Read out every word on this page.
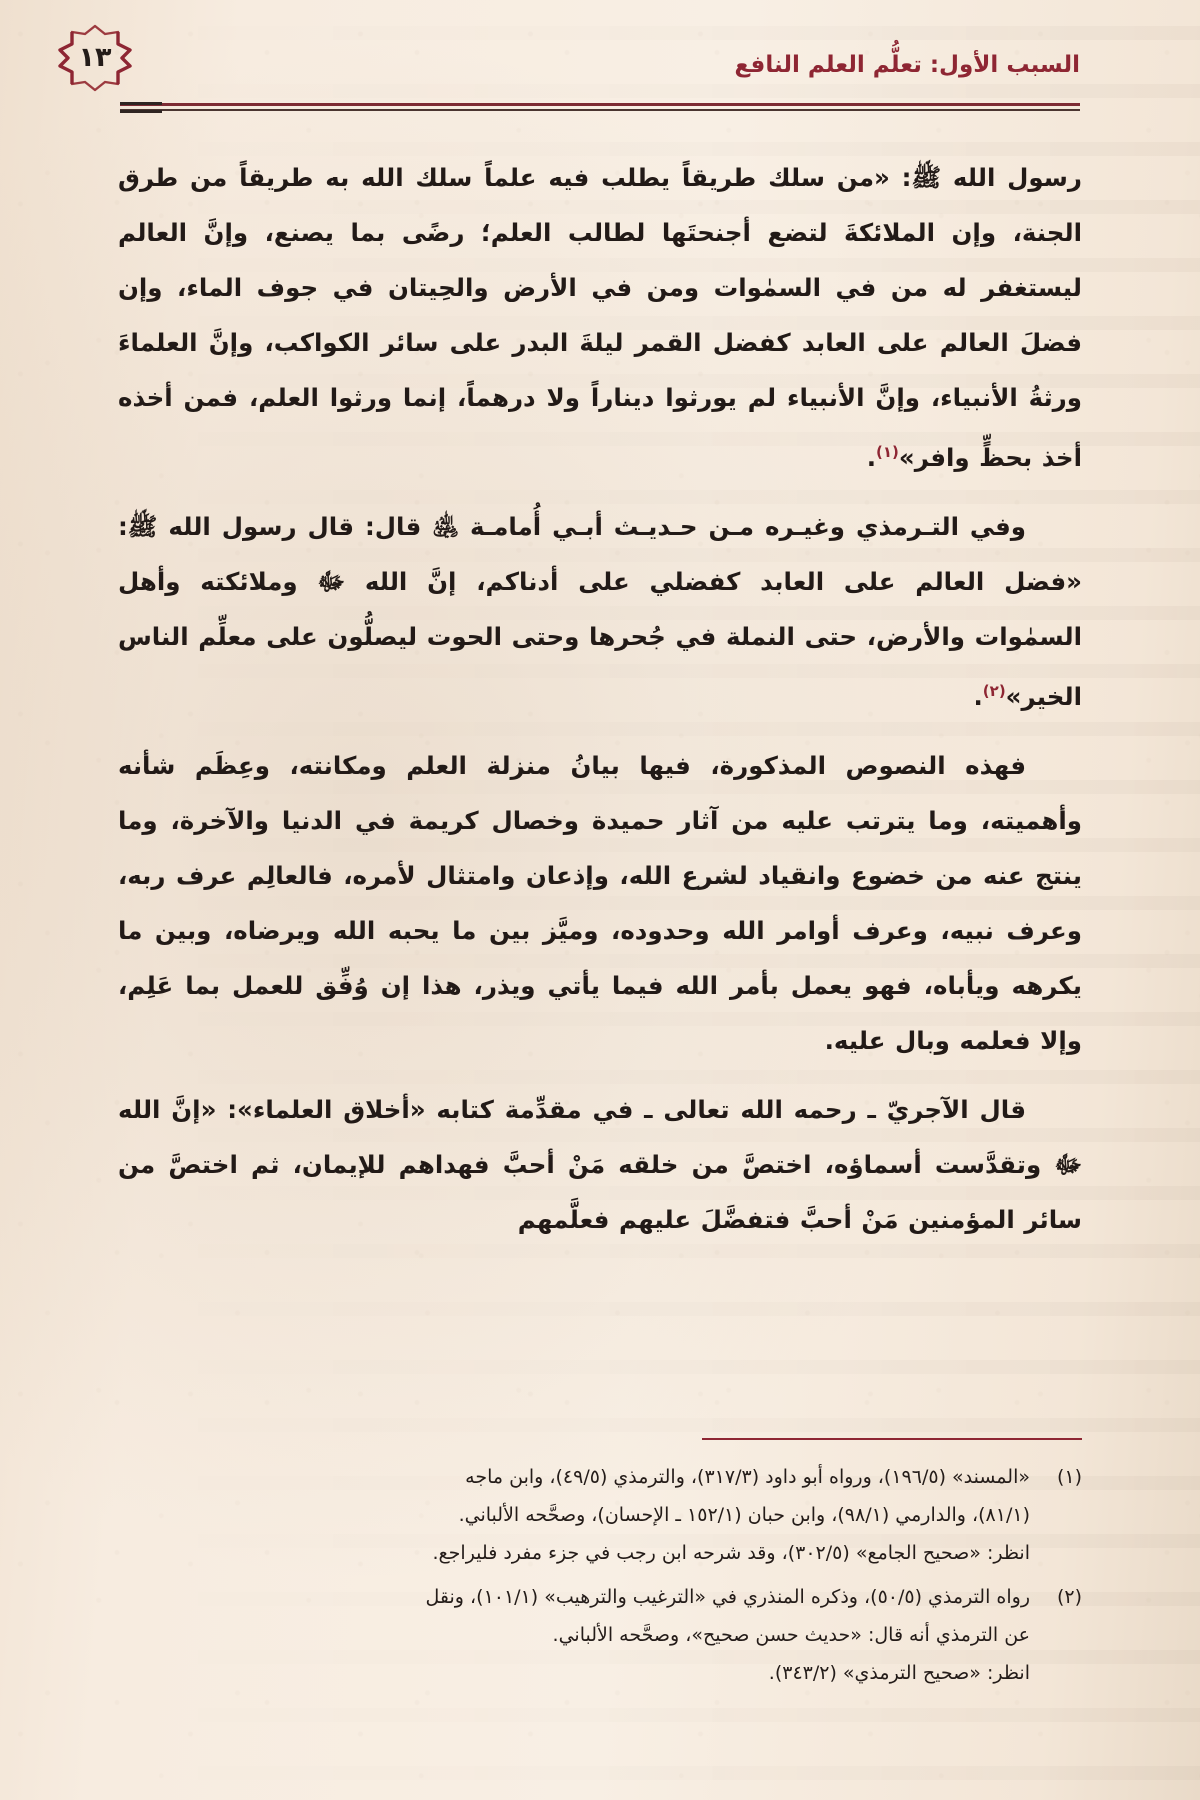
السبب الأول: تعلُّم العلم النافع
١٣

رسول الله ﷺ: «من سلك طريقاً يطلب فيه علماً سلك الله به طريقاً من طرق الجنة، وإن الملائكةَ لتضع أجنحتَها لطالب العلم؛ رضًى بما يصنع، وإنَّ العالم ليستغفر له من في السمٰوات ومن في الأرض والحِيتان في جوف الماء، وإن فضلَ العالم على العابد كفضل القمر ليلةَ البدر على سائر الكواكب، وإنَّ العلماءَ ورثةُ الأنبياء، وإنَّ الأنبياء لم يورثوا ديناراً ولا درهماً، إنما ورثوا العلم، فمن أخذه أخذ بحظٍّ وافر»$^{(١)}$.

وفي التـرمذي وغيـره مـن حـديـث أبـي أُمامـة ﵁ قال: قال رسول الله ﷺ: «فضل العالم على العابد كفضلي على أدناكم، إنَّ الله ﷻ وملائكته وأهل السمٰوات والأرض، حتى النملة في جُحرها وحتى الحوت ليصلُّون على معلِّم الناس الخير»$^{(٢)}$.

فهذه النصوص المذكورة، فيها بيانُ منزلة العلم ومكانته، وعِظَم شأنه وأهميته، وما يترتب عليه من آثار حميدة وخصال كريمة في الدنيا والآخرة، وما ينتج عنه من خضوع وانقياد لشرع الله، وإذعان وامتثال لأمره، فالعالِم عرف ربه، وعرف نبيه، وعرف أوامر الله وحدوده، وميَّز بين ما يحبه الله ويرضاه، وبين ما يكرهه ويأباه، فهو يعمل بأمر الله فيما يأتي ويذر، هذا إن وُفِّق للعمل بما عَلِم، وإلا فعلمه وبال عليه.

قال الآجريّ ـ رحمه الله تعالى ـ في مقدِّمة كتابه «أخلاق العلماء»: «إنَّ الله ﷻ وتقدَّست أسماؤه، اختصَّ من خلقه مَنْ أحبَّ فهداهم للإيمان، ثم اختصَّ من سائر المؤمنين مَنْ أحبَّ فتفضَّلَ عليهم فعلَّمهم

(١)
«المسند» (١٩٦/٥)، ورواه أبو داود (٣١٧/٣)، والترمذي (٤٩/٥)، وابن ماجه
(٨١/١)، والدارمي (٩٨/١)، وابن حبان (١٥٢/١ ـ الإحسان)، وصحَّحه الألباني.
انظر: «صحيح الجامع» (٣٠٢/٥)، وقد شرحه ابن رجب في جزء مفرد فليراجع.
(٢)
رواه الترمذي (٥٠/٥)، وذكره المنذري في «الترغيب والترهيب» (١٠١/١)، ونقل
عن الترمذي أنه قال: «حديث حسن صحيح»، وصحَّحه الألباني.
انظر: «صحيح الترمذي» (٣٤٣/٢).
